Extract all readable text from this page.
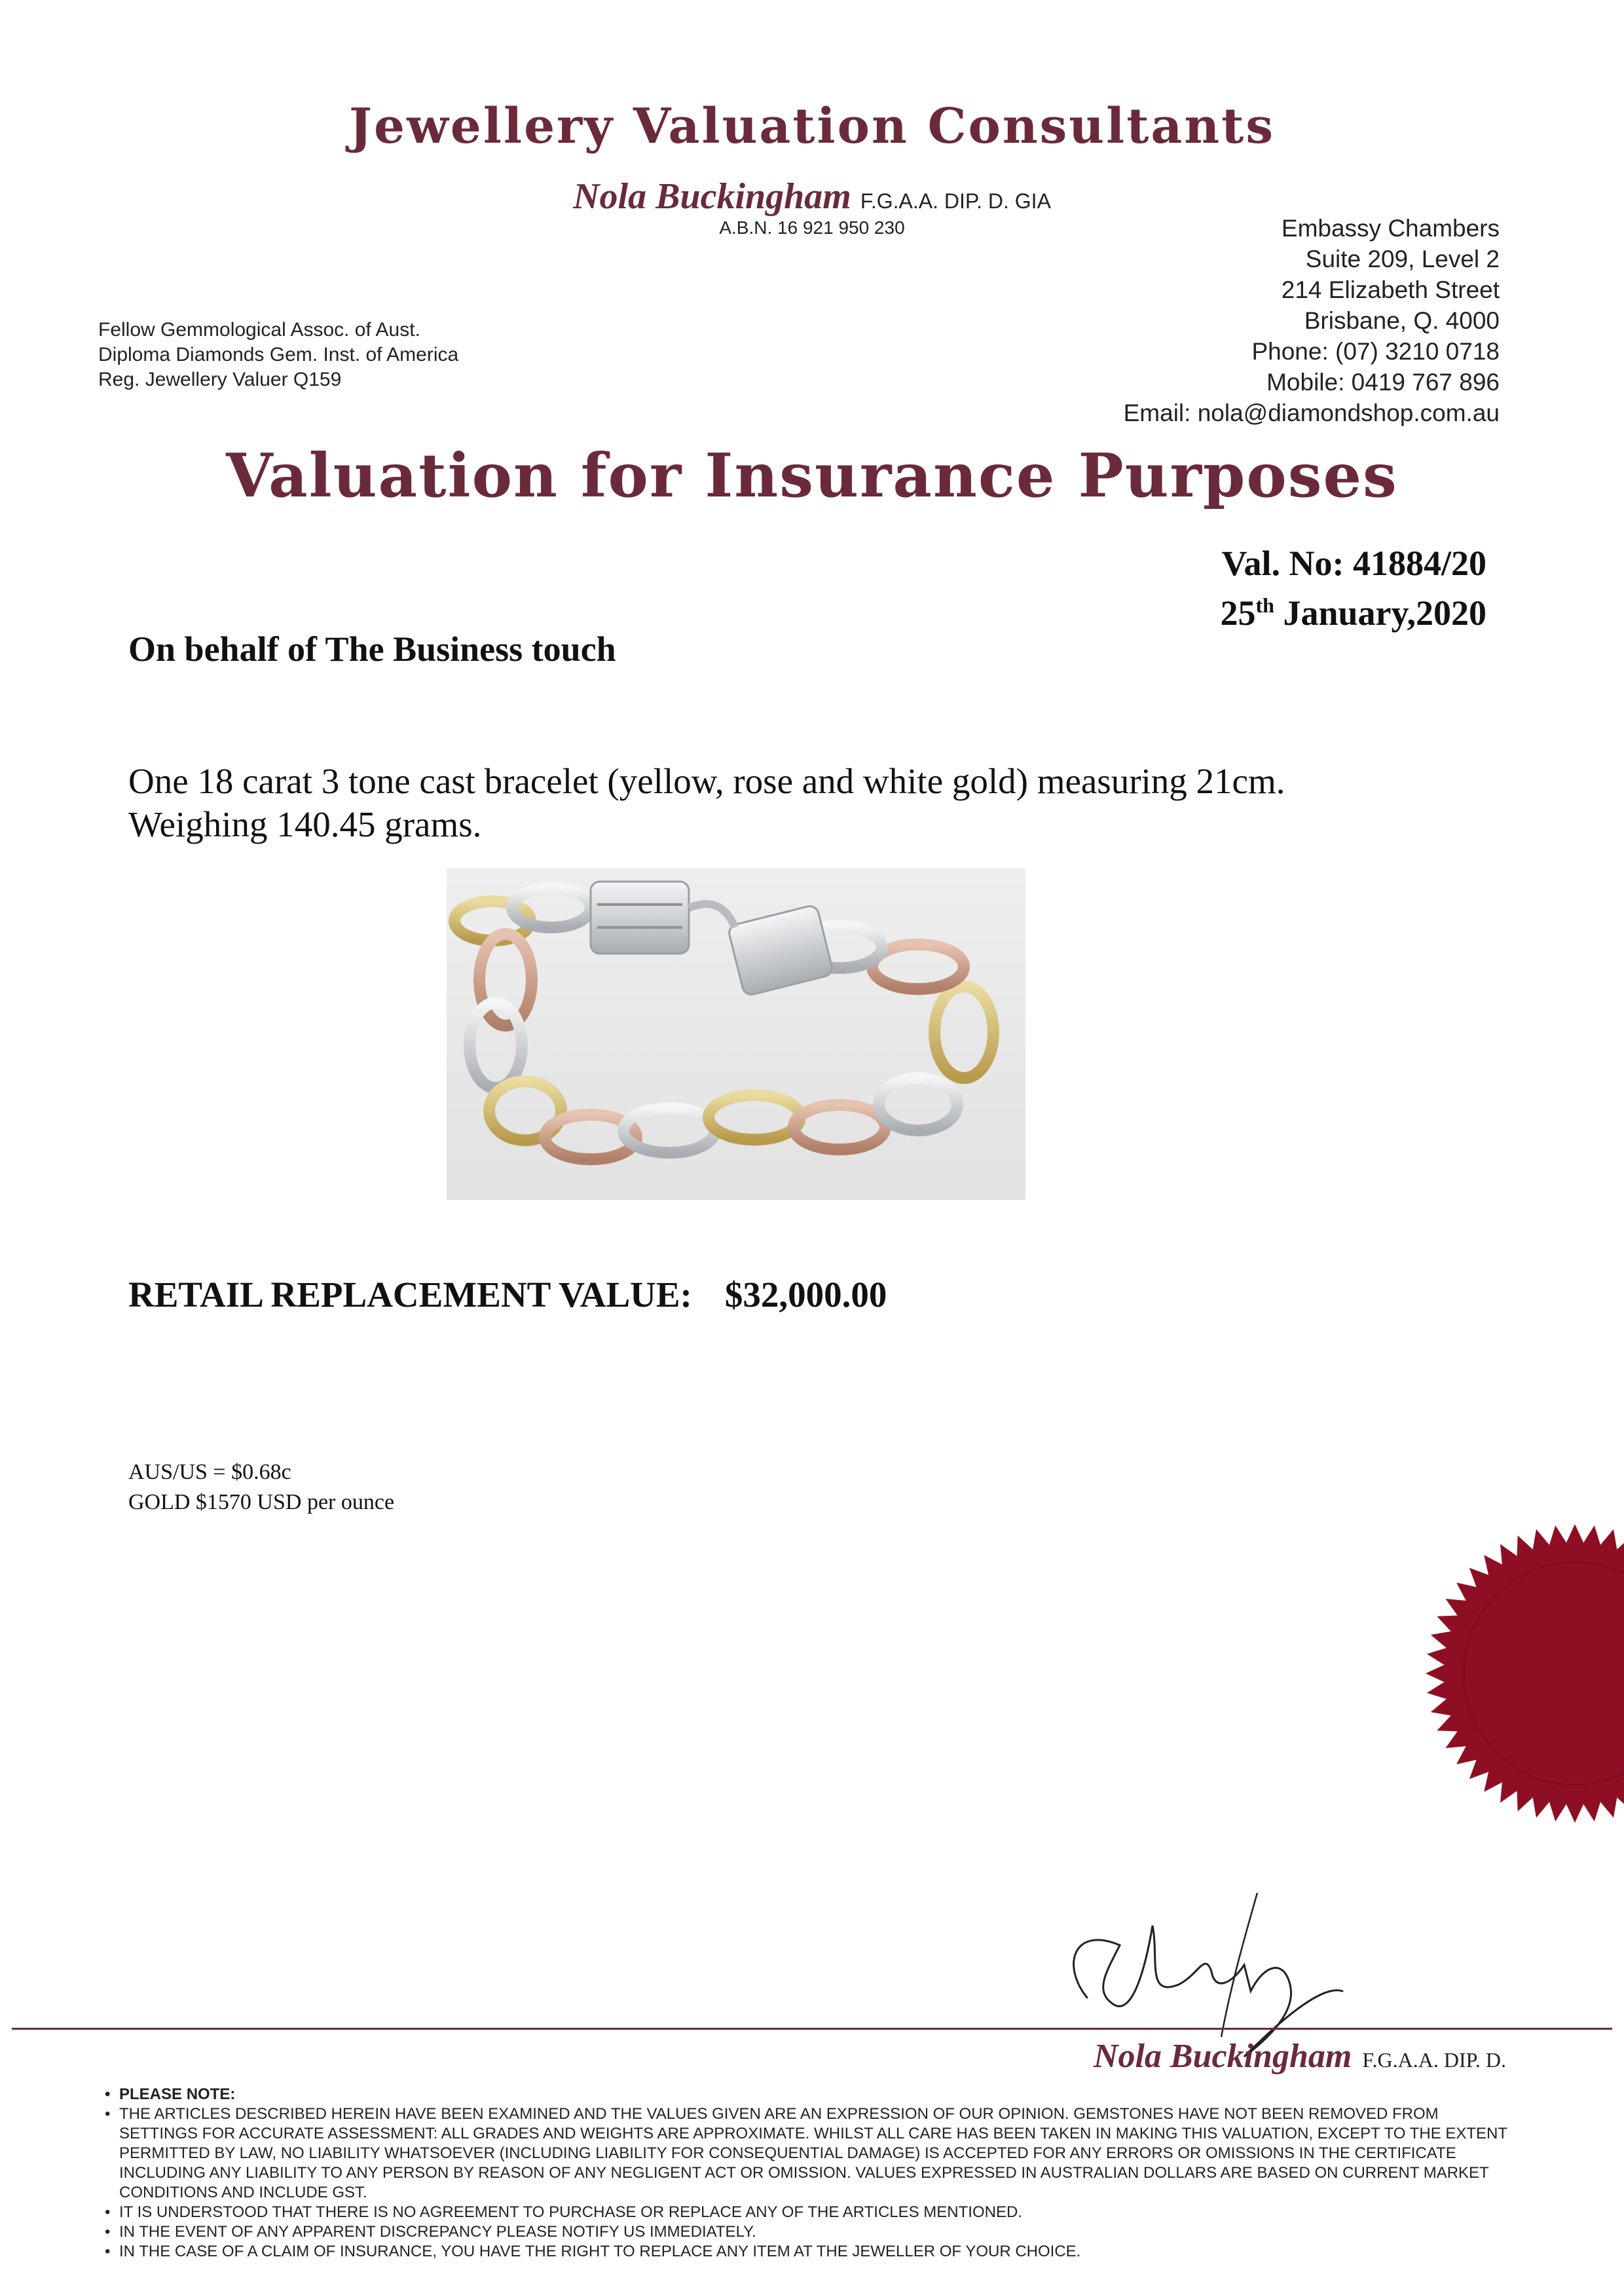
Jewellery Valuation Consultants
Nola Buckingham F.G.A.A. DIP. D. GIA
A.B.N. 16 921 950 230
Fellow Gemmological Assoc. of Aust.
Diploma Diamonds Gem. Inst. of America
Reg. Jewellery Valuer Q159
Embassy Chambers
Suite 209, Level 2
214 Elizabeth Street
Brisbane, Q. 4000
Phone: (07) 3210 0718
Mobile: 0419 767 896
Email: nola@diamondshop.com.au
Valuation for Insurance Purposes
Val. No: 41884/20
25th January,2020
On behalf of The Business touch
One 18 carat 3 tone cast bracelet (yellow, rose and white gold) measuring 21cm.
Weighing 140.45 grams.
RETAIL REPLACEMENT VALUE: $32,000.00
AUS/US = $0.68c
GOLD $1570 USD per ounce
Nola Buckingham F.G.A.A. DIP. D.
• PLEASE NOTE:
• THE ARTICLES DESCRIBED HEREIN HAVE BEEN EXAMINED AND THE VALUES GIVEN ARE AN EXPRESSION OF OUR OPINION. GEMSTONES HAVE NOT BEEN REMOVED FROM SETTINGS FOR ACCURATE ASSESSMENT: ALL GRADES AND WEIGHTS ARE APPROXIMATE. WHILST ALL CARE HAS BEEN TAKEN IN MAKING THIS VALUATION, EXCEPT TO THE EXTENT PERMITTED BY LAW, NO LIABILITY WHATSOEVER (INCLUDING LIABILITY FOR CONSEQUENTIAL DAMAGE) IS ACCEPTED FOR ANY ERRORS OR OMISSIONS IN THE CERTIFICATE INCLUDING ANY LIABILITY TO ANY PERSON BY REASON OF ANY NEGLIGENT ACT OR OMISSION. VALUES EXPRESSED IN AUSTRALIAN DOLLARS ARE BASED ON CURRENT MARKET CONDITIONS AND INCLUDE GST.
• IT IS UNDERSTOOD THAT THERE IS NO AGREEMENT TO PURCHASE OR REPLACE ANY OF THE ARTICLES MENTIONED.
• IN THE EVENT OF ANY APPARENT DISCREPANCY PLEASE NOTIFY US IMMEDIATELY.
• IN THE CASE OF A CLAIM OF INSURANCE, YOU HAVE THE RIGHT TO REPLACE ANY ITEM AT THE JEWELLER OF YOUR CHOICE.
